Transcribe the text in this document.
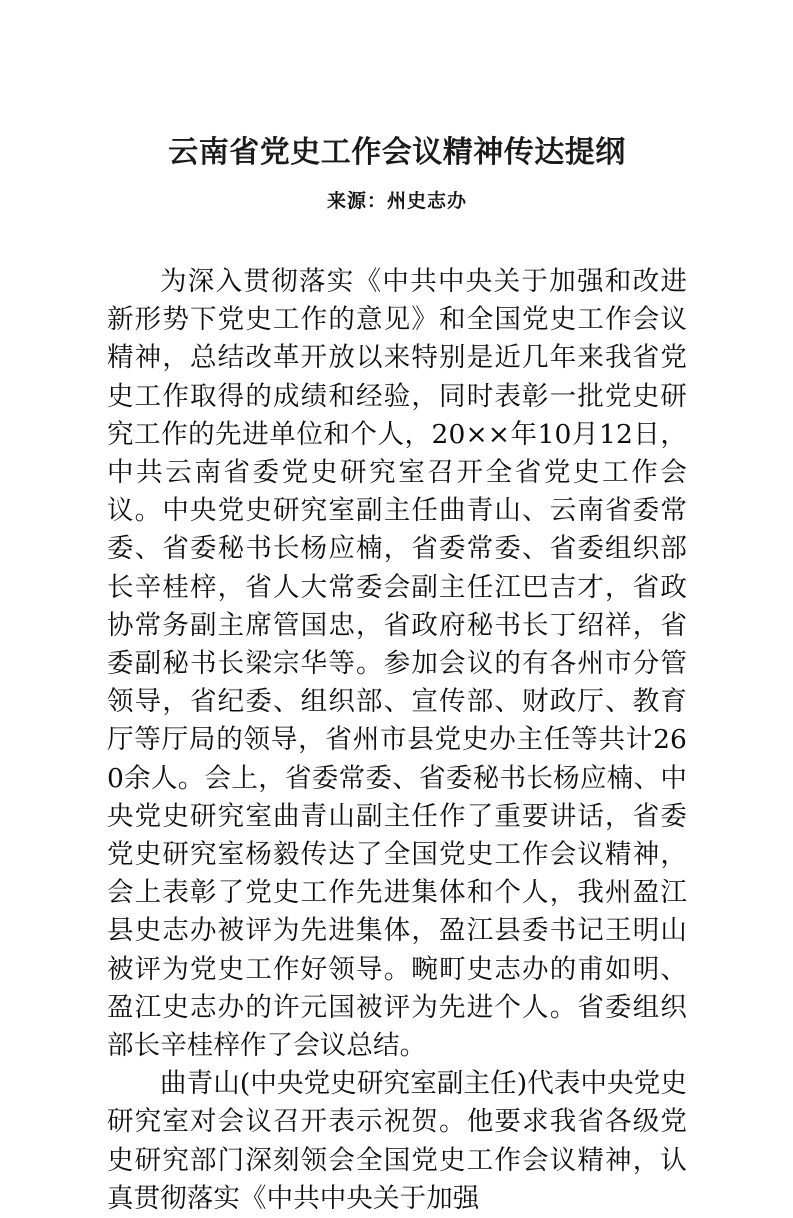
云南省党史工作会议精神传达提纲
来源：州史志办

为深入贯彻落实《中共中央关于加强和改进新形势下党史工作的意见》和全国党史工作会议精神，总结改革开放以来特别是近几年来我省党史工作取得的成绩和经验，同时表彰一批党史研究工作的先进单位和个人，20××年10月12日，中共云南省委党史研究室召开全省党史工作会议。中央党史研究室副主任曲青山、云南省委常委、省委秘书长杨应楠，省委常委、省委组织部长辛桂梓，省人大常委会副主任江巴吉才，省政协常务副主席管国忠，省政府秘书长丁绍祥，省委副秘书长梁宗华等。参加会议的有各州市分管领导，省纪委、组织部、宣传部、财政厅、教育厅等厅局的领导，省州市县党史办主任等共计260余人。会上，省委常委、省委秘书长杨应楠、中央党史研究室曲青山副主任作了重要讲话，省委党史研究室杨毅传达了全国党史工作会议精神，会上表彰了党史工作先进集体和个人，我州盈江县史志办被评为先进集体，盈江县委书记王明山被评为党史工作好领导。畹町史志办的甫如明、盈江史志办的许元国被评为先进个人。省委组织部长辛桂梓作了会议总结。

曲青山(中央党史研究室副主任)代表中央党史研究室对会议召开表示祝贺。他要求我省各级党史研究部门深刻领会全国党史工作会议精神，认真贯彻落实《中共中央关于加强
